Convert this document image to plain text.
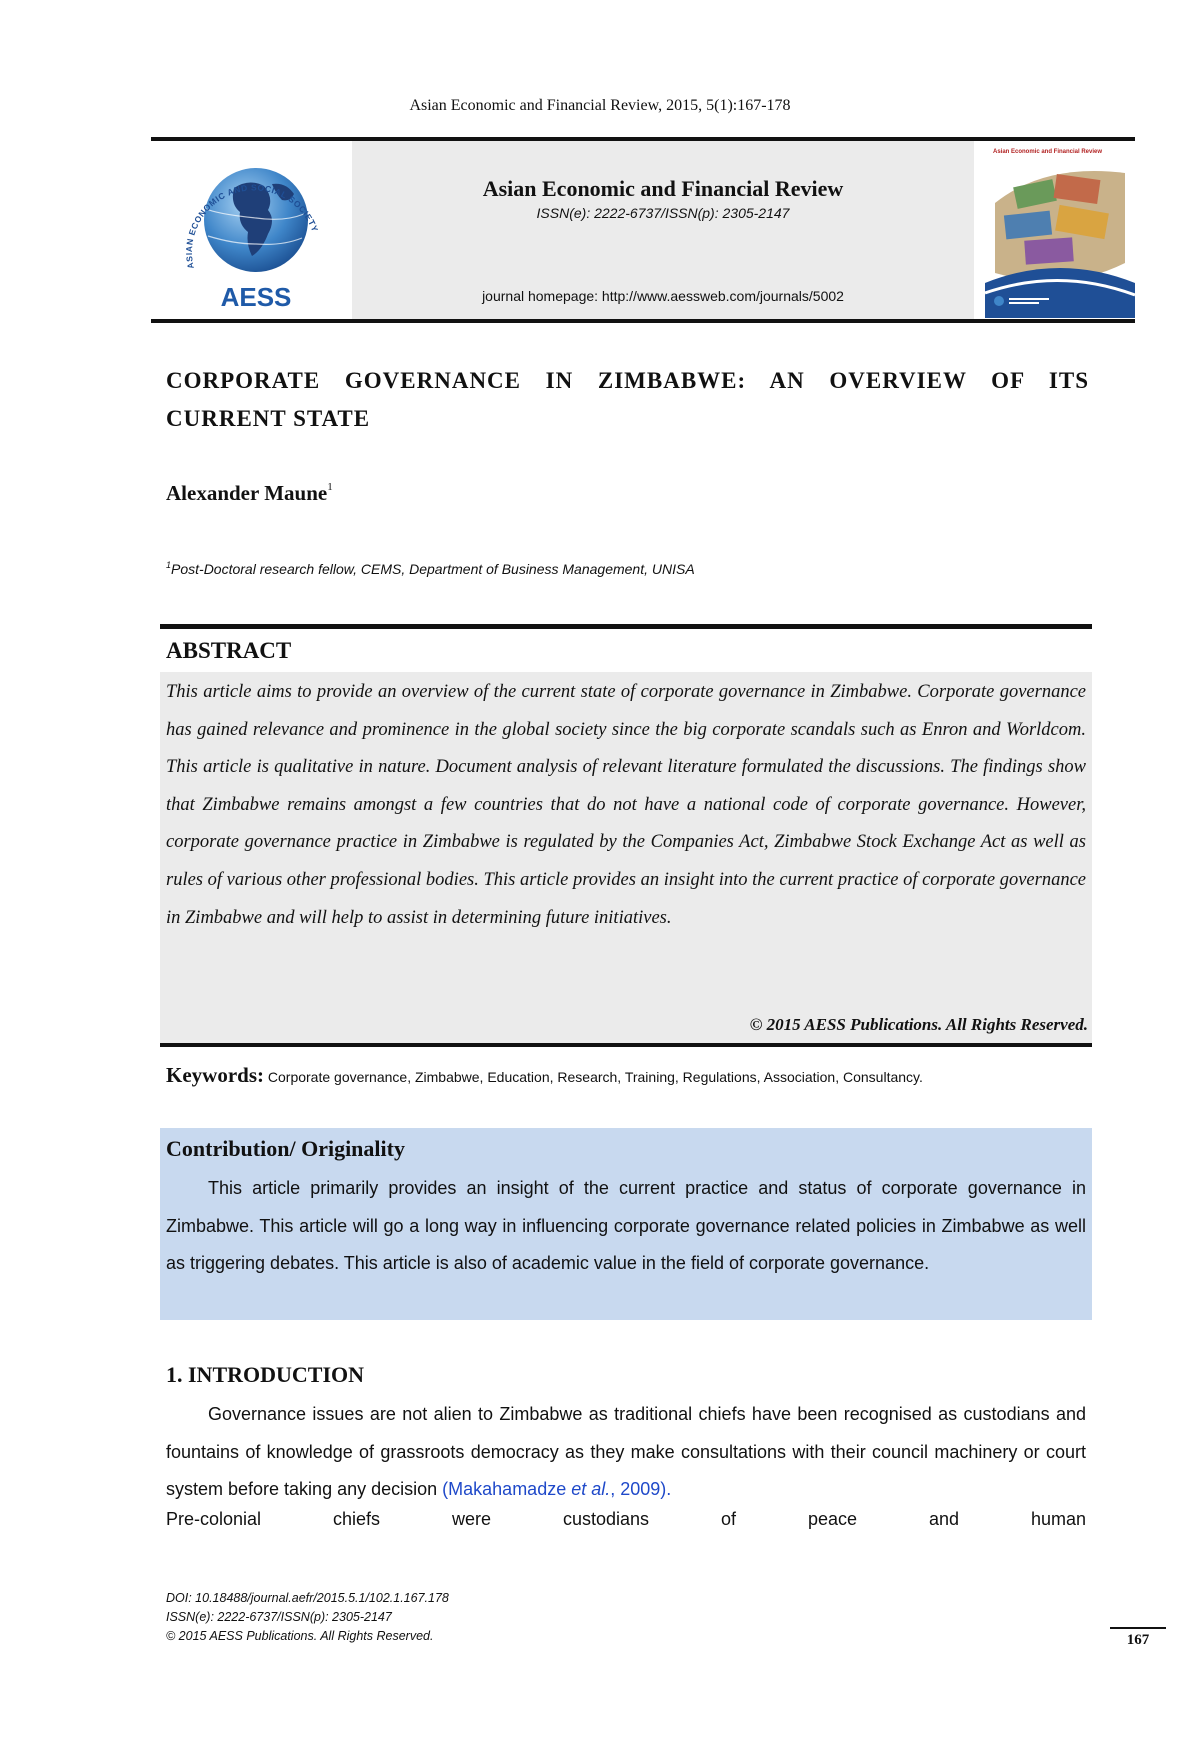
Asian Economic and Financial Review, 2015, 5(1):167-178
ASIAN ECONOMIC AND SOCIAL SOCIETY
AESS
Asian Economic and Financial Review
ISSN(e): 2222-6737/ISSN(p): 2305-2147
journal homepage: http://www.aessweb.com/journals/5002
Asian Economic and Financial Review
CORPORATE GOVERNANCE IN ZIMBABWE: AN OVERVIEW OF ITS CURRENT STATE
Alexander Maune$^1$
$^1$Post-Doctoral research fellow, CEMS, Department of Business Management, UNISA
ABSTRACT
This article aims to provide an overview of the current state of corporate governance in Zimbabwe. Corporate governance has gained relevance and prominence in the global society since the big corporate scandals such as Enron and Worldcom. This article is qualitative in nature. Document analysis of relevant literature formulated the discussions. The findings show that Zimbabwe remains amongst a few countries that do not have a national code of corporate governance. However, corporate governance practice in Zimbabwe is regulated by the Companies Act, Zimbabwe Stock Exchange Act as well as rules of various other professional bodies. This article provides an insight into the current practice of corporate governance in Zimbabwe and will help to assist in determining future initiatives.
© 2015 AESS Publications. All Rights Reserved.
Keywords: Corporate governance, Zimbabwe, Education, Research, Training, Regulations, Association, Consultancy.
Contribution/ Originality
This article primarily provides an insight of the current practice and status of corporate governance in Zimbabwe. This article will go a long way in influencing corporate governance related policies in Zimbabwe as well as triggering debates. This article is also of academic value in the field of corporate governance.
1. INTRODUCTION
Governance issues are not alien to Zimbabwe as traditional chiefs have been recognised as custodians and fountains of knowledge of grassroots democracy as they make consultations with their council machinery or court system before taking any decision (Makahamadze et al., 2009).
Pre-colonial	chiefs	were	custodians	of	peace	and	human
DOI: 10.18488/journal.aefr/2015.5.1/102.1.167.178
ISSN(e): 2222-6737/ISSN(p): 2305-2147
© 2015 AESS Publications. All Rights Reserved.	167
